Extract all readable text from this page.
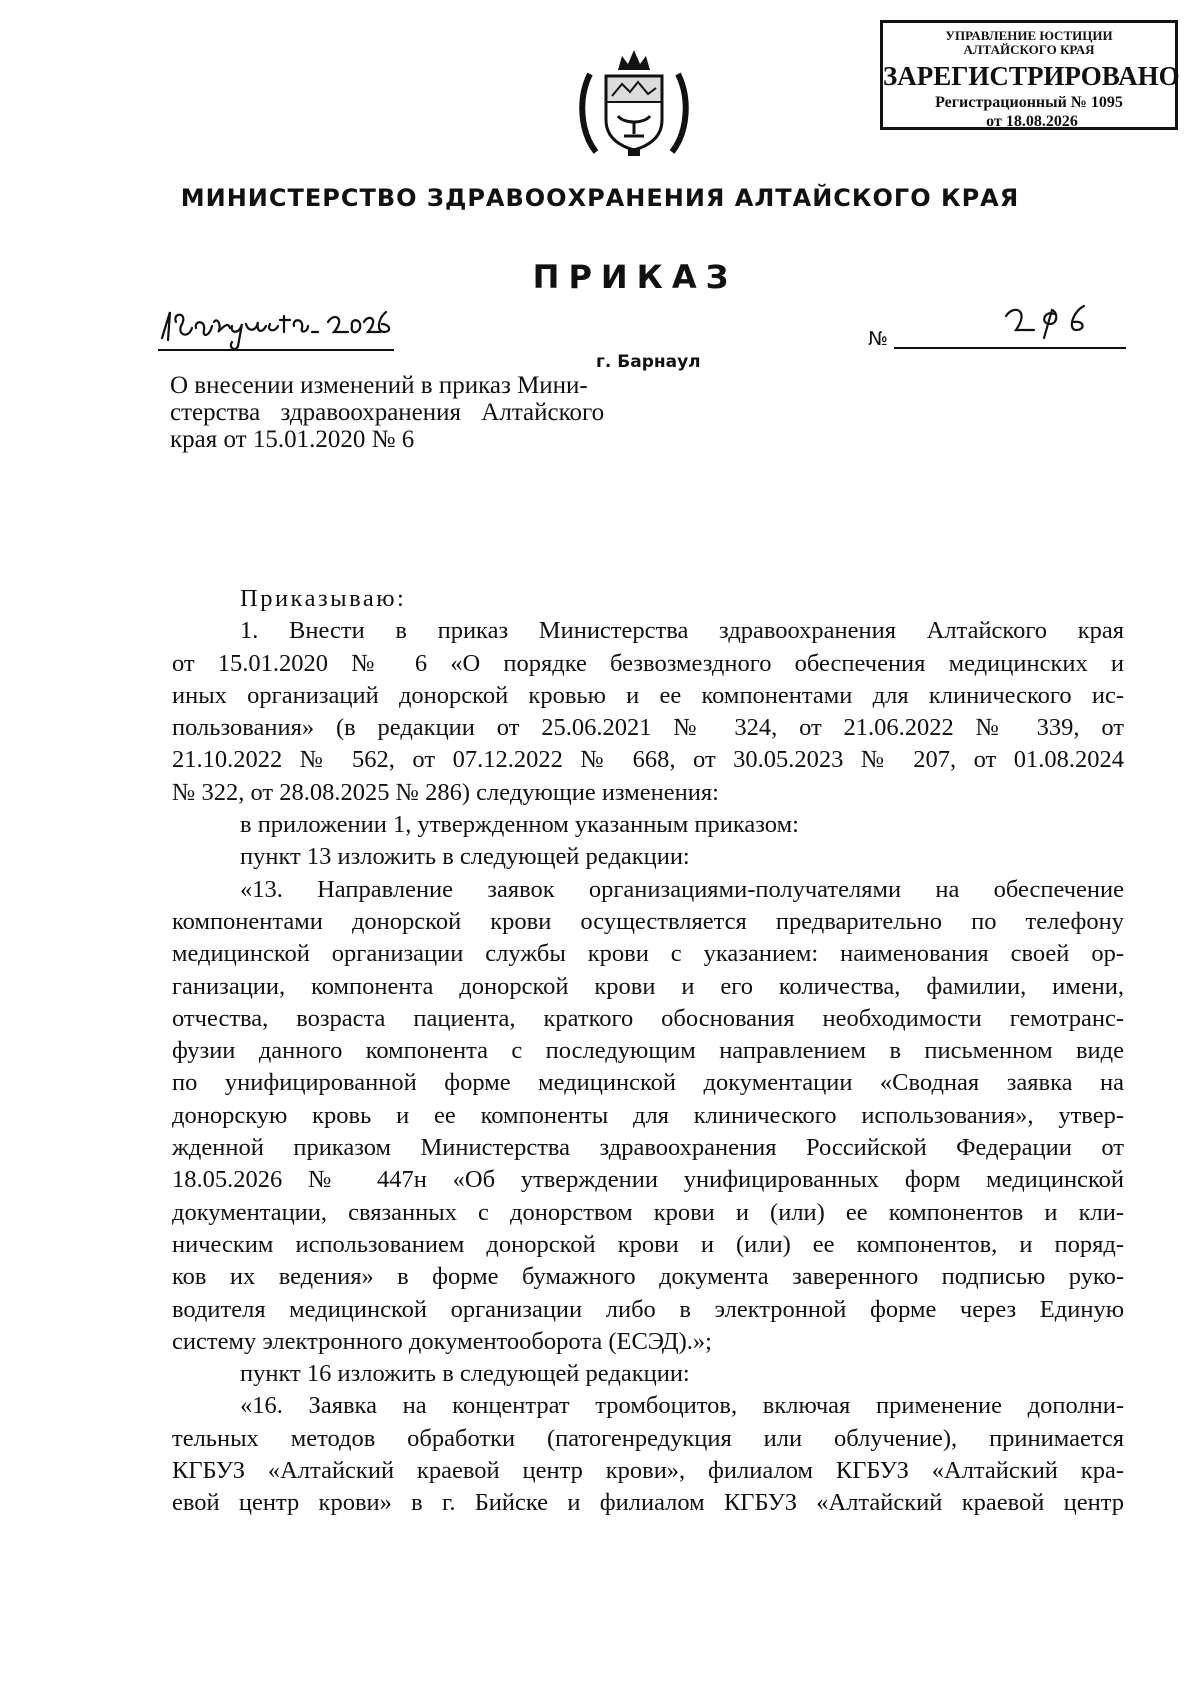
УПРАВЛЕНИЕ ЮСТИЦИИ
АЛТАЙСКОГО КРАЯ
ЗАРЕГИСТРИРОВАНО
Регистрационный № 1095
от 18.08.2026
МИНИСТЕРСТВО ЗДРАВООХРАНЕНИЯ АЛТАЙСКОГО КРАЯ
ПРИКАЗ
№
г. Барнаул
О внесении изменений в приказ Мини-
стерства здравоохранения Алтайского
края от 15.01.2020 № 6
Приказываю:
1. Внести в приказ Министерства здравоохранения Алтайского края
от 15.01.2020 № 6 «О порядке безвозмездного обеспечения медицинских и
иных организаций донорской кровью и ее компонентами для клинического ис-
пользования» (в редакции от 25.06.2021 № 324, от 21.06.2022 № 339, от
21.10.2022 № 562, от 07.12.2022 № 668, от 30.05.2023 № 207, от 01.08.2024
№ 322, от 28.08.2025 № 286) следующие изменения:
в приложении 1, утвержденном указанным приказом:
пункт 13 изложить в следующей редакции:
«13. Направление заявок организациями-получателями на обеспечение
компонентами донорской крови осуществляется предварительно по телефону
медицинской организации службы крови с указанием: наименования своей ор-
ганизации, компонента донорской крови и его количества, фамилии, имени,
отчества, возраста пациента, краткого обоснования необходимости гемотранс-
фузии данного компонента с последующим направлением в письменном виде
по унифицированной форме медицинской документации «Сводная заявка на
донорскую кровь и ее компоненты для клинического использования», утвер-
жденной приказом Министерства здравоохранения Российской Федерации от
18.05.2026 № 447н «Об утверждении унифицированных форм медицинской
документации, связанных с донорством крови и (или) ее компонентов и кли-
ническим использованием донорской крови и (или) ее компонентов, и поряд-
ков их ведения» в форме бумажного документа заверенного подписью руко-
водителя медицинской организации либо в электронной форме через Единую
систему электронного документооборота (ЕСЭД).»;
пункт 16 изложить в следующей редакции:
«16. Заявка на концентрат тромбоцитов, включая применение дополни-
тельных методов обработки (патогенредукция или облучение), принимается
КГБУЗ «Алтайский краевой центр крови», филиалом КГБУЗ «Алтайский кра-
евой центр крови» в г. Бийске и филиалом КГБУЗ «Алтайский краевой центр
